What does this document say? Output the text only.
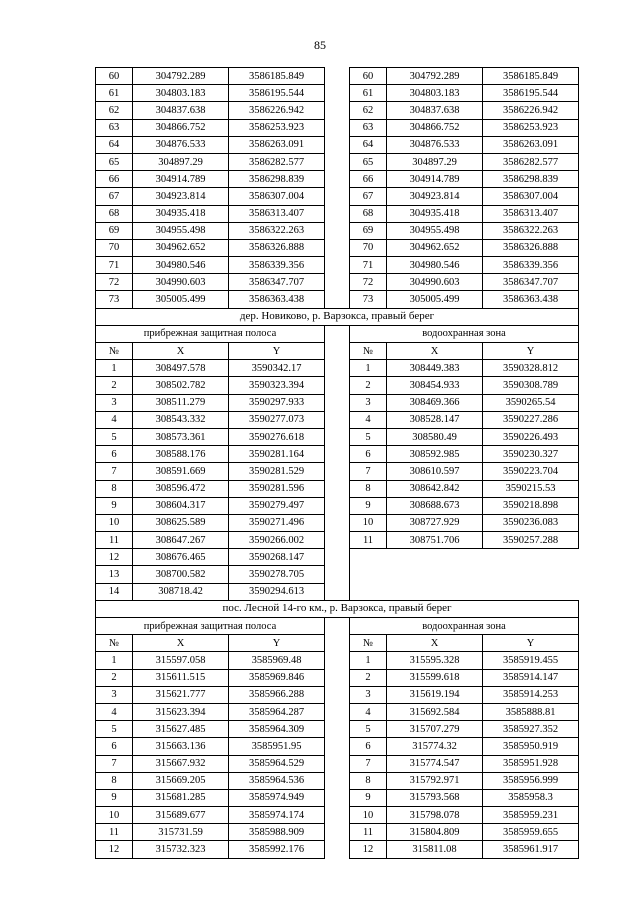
85
60	304792.289	3586185.849		60	304792.289	3586185.849
61	304803.183	3586195.544		61	304803.183	3586195.544
62	304837.638	3586226.942		62	304837.638	3586226.942
63	304866.752	3586253.923		63	304866.752	3586253.923
64	304876.533	3586263.091		64	304876.533	3586263.091
65	304897.29	3586282.577		65	304897.29	3586282.577
66	304914.789	3586298.839		66	304914.789	3586298.839
67	304923.814	3586307.004		67	304923.814	3586307.004
68	304935.418	3586313.407		68	304935.418	3586313.407
69	304955.498	3586322.263		69	304955.498	3586322.263
70	304962.652	3586326.888		70	304962.652	3586326.888
71	304980.546	3586339.356		71	304980.546	3586339.356
72	304990.603	3586347.707		72	304990.603	3586347.707
73	305005.499	3586363.438		73	305005.499	3586363.438
дер. Новиково, р. Варзокса, правый берег						
прибрежная защитная полоса				водоохранная зона		
№	X	Y		№	X	Y
1	308497.578	3590342.17		1	308449.383	3590328.812
2	308502.782	3590323.394		2	308454.933	3590308.789
3	308511.279	3590297.933		3	308469.366	3590265.54
4	308543.332	3590277.073		4	308528.147	3590227.286
5	308573.361	3590276.618		5	308580.49	3590226.493
6	308588.176	3590281.164		6	308592.985	3590230.327
7	308591.669	3590281.529		7	308610.597	3590223.704
8	308596.472	3590281.596		8	308642.842	3590215.53
9	308604.317	3590279.497		9	308688.673	3590218.898
10	308625.589	3590271.496		10	308727.929	3590236.083
11	308647.267	3590266.002		11	308751.706	3590257.288
12	308676.465	3590268.147				
13	308700.582	3590278.705				
14	308718.42	3590294.613				
пос. Лесной 14-го км., р. Варзокса, правый берег						
прибрежная защитная полоса				водоохранная зона		
№	X	Y		№	X	Y
1	315597.058	3585969.48		1	315595.328	3585919.455
2	315611.515	3585969.846		2	315599.618	3585914.147
3	315621.777	3585966.288		3	315619.194	3585914.253
4	315623.394	3585964.287		4	315692.584	3585888.81
5	315627.485	3585964.309		5	315707.279	3585927.352
6	315663.136	3585951.95		6	315774.32	3585950.919
7	315667.932	3585964.529		7	315774.547	3585951.928
8	315669.205	3585964.536		8	315792.971	3585956.999
9	315681.285	3585974.949		9	315793.568	3585958.3
10	315689.677	3585974.174		10	315798.078	3585959.231
11	315731.59	3585988.909		11	315804.809	3585959.655
12	315732.323	3585992.176		12	315811.08	3585961.917
